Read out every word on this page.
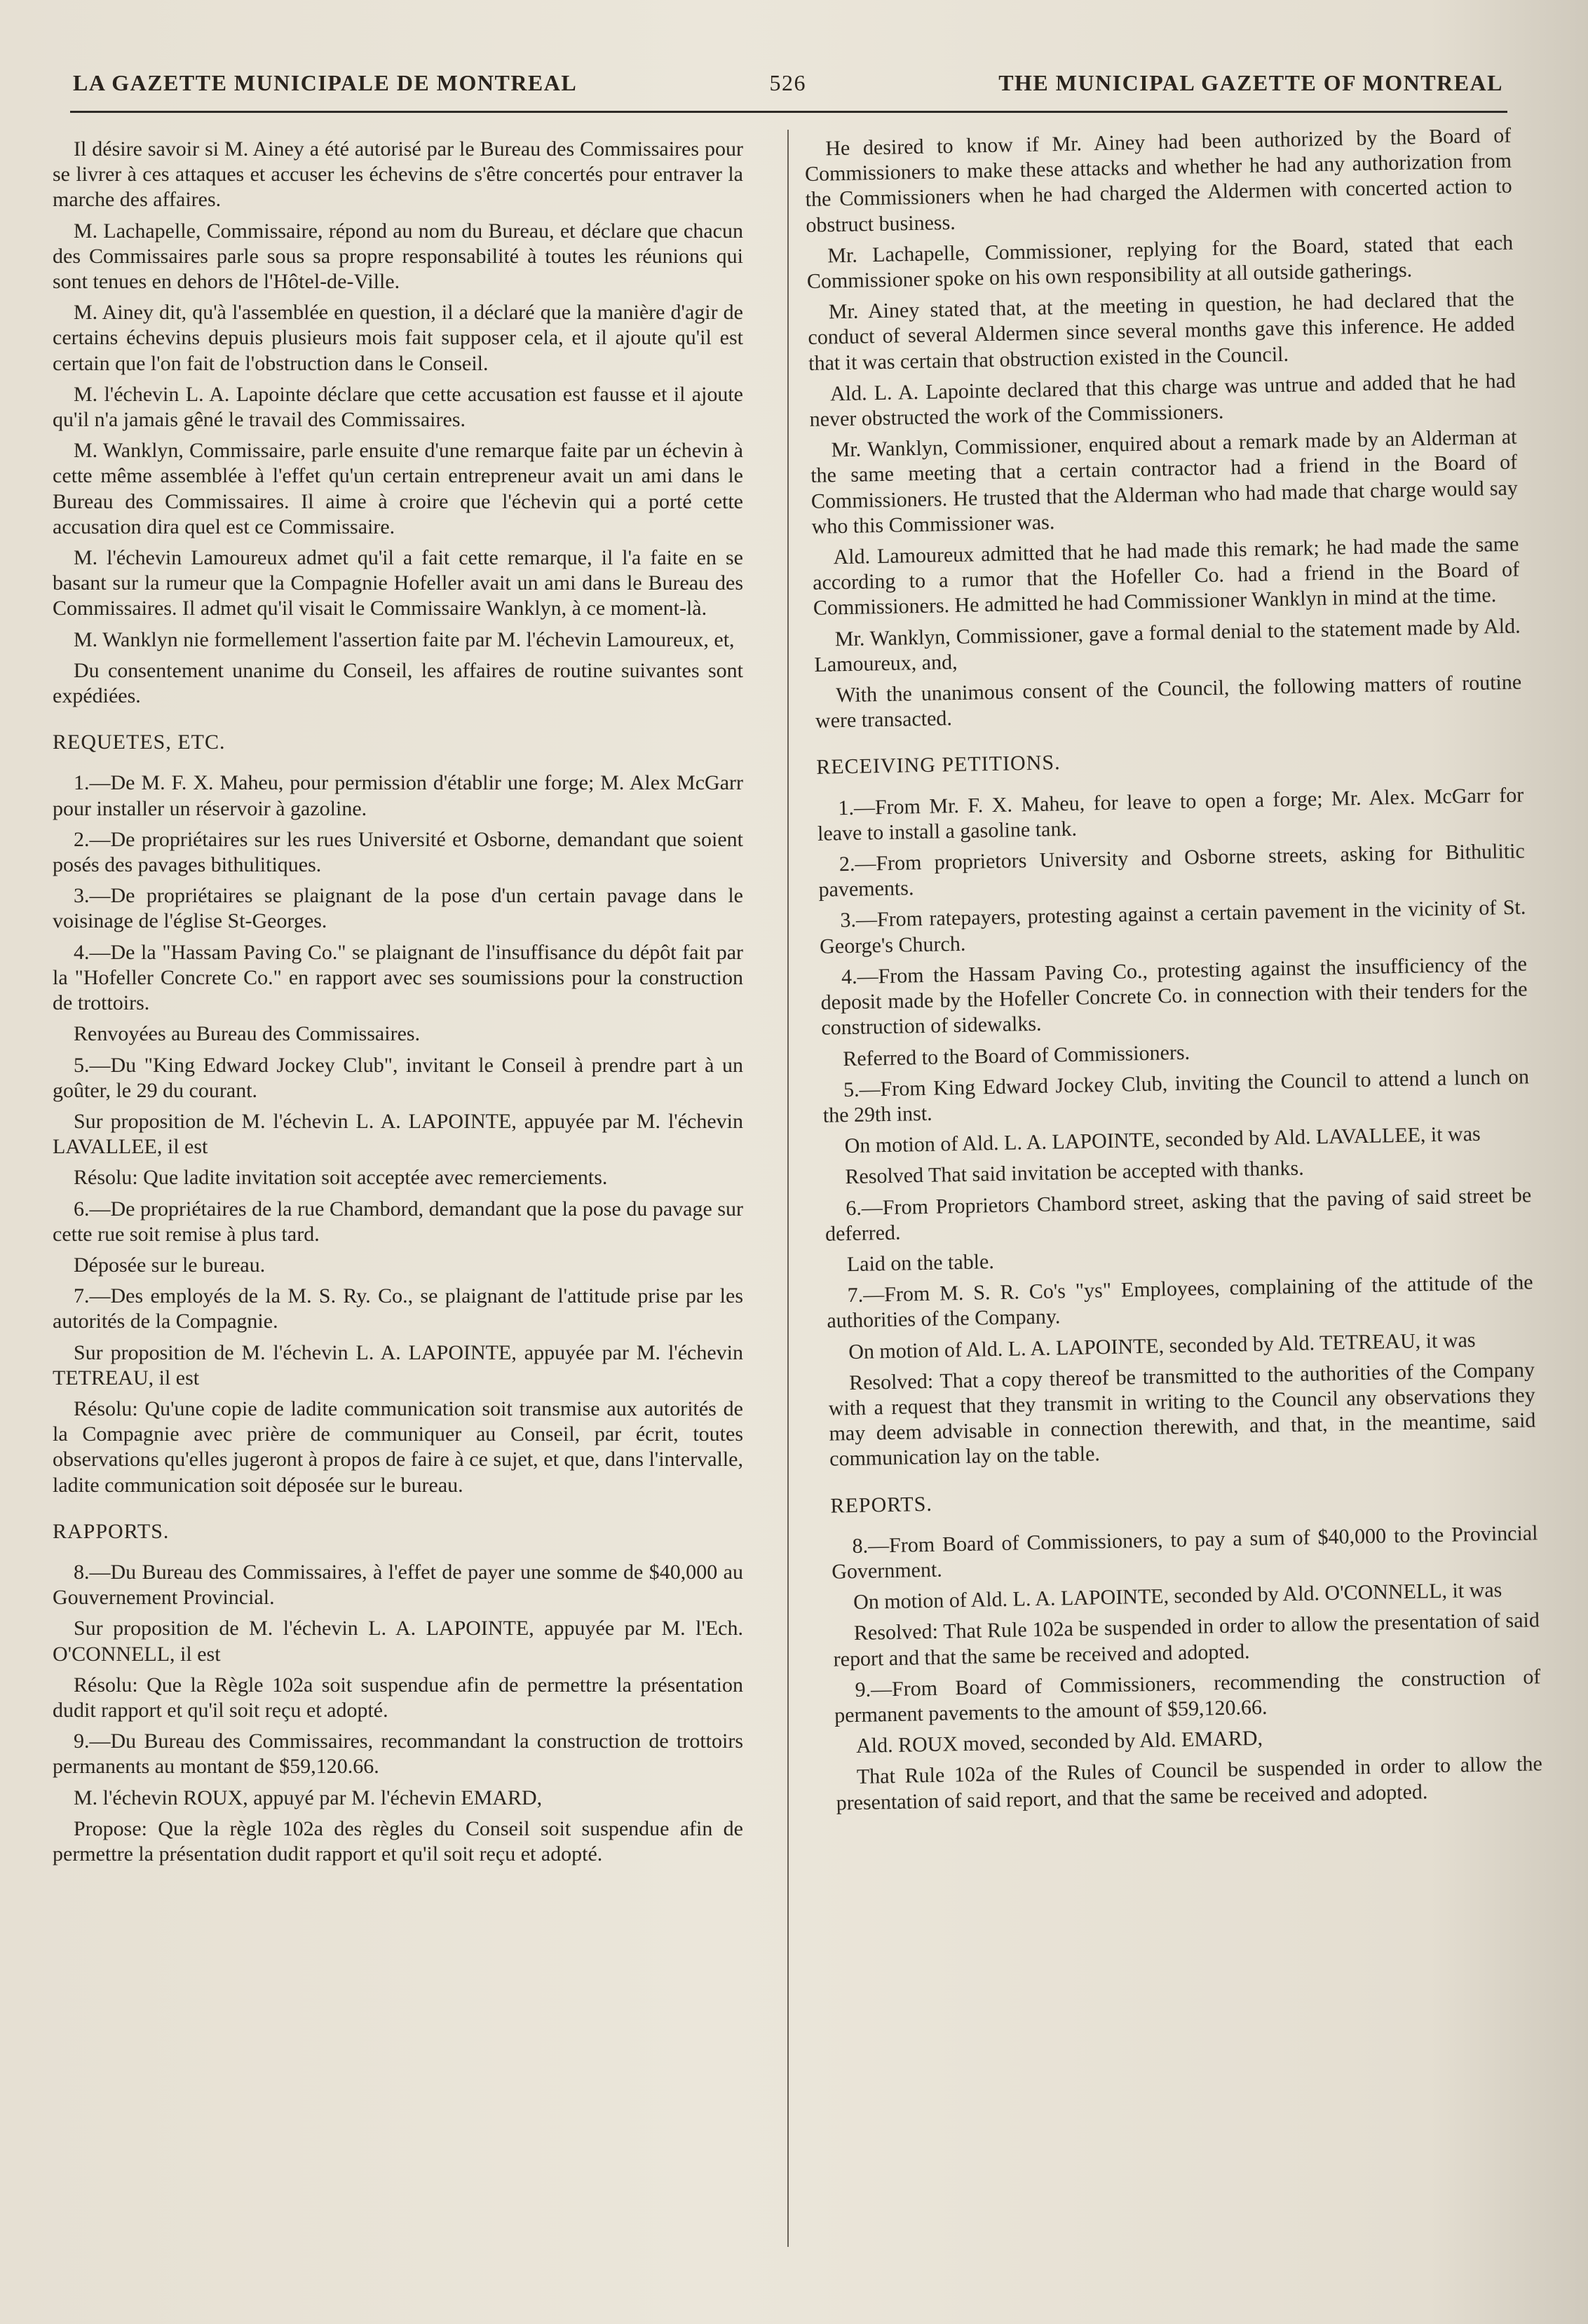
LA GAZETTE MUNICIPALE DE MONTREAL	526	THE MUNICIPAL GAZETTE OF MONTREAL

Il désire savoir si M. Ainey a été autorisé par le Bureau des Commissaires pour se livrer à ces attaques et accuser les échevins de s'être concertés pour entraver la marche des affaires.

M. Lachapelle, Commissaire, répond au nom du Bureau, et déclare que chacun des Commissaires parle sous sa propre responsabilité à toutes les réunions qui sont tenues en dehors de l'Hôtel-de-Ville.

M. Ainey dit, qu'à l'assemblée en question, il a déclaré que la manière d'agir de certains échevins depuis plusieurs mois fait supposer cela, et il ajoute qu'il est certain que l'on fait de l'obstruction dans le Conseil.

M. l'échevin L. A. Lapointe déclare que cette accusation est fausse et il ajoute qu'il n'a jamais gêné le travail des Commissaires.

M. Wanklyn, Commissaire, parle ensuite d'une remarque faite par un échevin à cette même assemblée à l'effet qu'un certain entrepreneur avait un ami dans le Bureau des Commissaires. Il aime à croire que l'échevin qui a porté cette accusation dira quel est ce Commissaire.

M. l'échevin Lamoureux admet qu'il a fait cette remarque, il l'a faite en se basant sur la rumeur que la Compagnie Hofeller avait un ami dans le Bureau des Commissaires. Il admet qu'il visait le Commissaire Wanklyn, à ce moment-là.

M. Wanklyn nie formellement l'assertion faite par M. l'échevin Lamoureux, et,

Du consentement unanime du Conseil, les affaires de routine suivantes sont expédiées.

REQUETES, ETC.

1.—De M. F. X. Maheu, pour permission d'établir une forge; M. Alex McGarr pour installer un réservoir à gazoline.

2.—De propriétaires sur les rues Université et Osborne, demandant que soient posés des pavages bithulitiques.

3.—De propriétaires se plaignant de la pose d'un certain pavage dans le voisinage de l'église St-Georges.

4.—De la "Hassam Paving Co." se plaignant de l'insuffisance du dépôt fait par la "Hofeller Concrete Co." en rapport avec ses soumissions pour la construction de trottoirs.

Renvoyées au Bureau des Commissaires.

5.—Du "King Edward Jockey Club", invitant le Conseil à prendre part à un goûter, le 29 du courant.

Sur proposition de M. l'échevin L. A. LAPOINTE, appuyée par M. l'échevin LAVALLEE, il est

Résolu: Que ladite invitation soit acceptée avec remerciements.

6.—De propriétaires de la rue Chambord, demandant que la pose du pavage sur cette rue soit remise à plus tard.

Déposée sur le bureau.

7.—Des employés de la M. S. Ry. Co., se plaignant de l'attitude prise par les autorités de la Compagnie.

Sur proposition de M. l'échevin L. A. LAPOINTE, appuyée par M. l'échevin TETREAU, il est

Résolu: Qu'une copie de ladite communication soit transmise aux autorités de la Compagnie avec prière de communiquer au Conseil, par écrit, toutes observations qu'elles jugeront à propos de faire à ce sujet, et que, dans l'intervalle, ladite communication soit déposée sur le bureau.

RAPPORTS.

8.—Du Bureau des Commissaires, à l'effet de payer une somme de $40,000 au Gouvernement Provincial.

Sur proposition de M. l'échevin L. A. LAPOINTE, appuyée par M. l'Ech. O'CONNELL, il est

Résolu: Que la Règle 102a soit suspendue afin de permettre la présentation dudit rapport et qu'il soit reçu et adopté.

9.—Du Bureau des Commissaires, recommandant la construction de trottoirs permanents au montant de $59,120.66.

M. l'échevin ROUX, appuyé par M. l'échevin EMARD,

Propose: Que la règle 102a des règles du Conseil soit suspendue afin de permettre la présentation dudit rapport et qu'il soit reçu et adopté.

He desired to know if Mr. Ainey had been authorized by the Board of Commissioners to make these attacks and whether he had any authorization from the Commissioners when he had charged the Aldermen with concerted action to obstruct business.

Mr. Lachapelle, Commissioner, replying for the Board, stated that each Commissioner spoke on his own responsibility at all outside gatherings.

Mr. Ainey stated that, at the meeting in question, he had declared that the conduct of several Aldermen since several months gave this inference. He added that it was certain that obstruction existed in the Council.

Ald. L. A. Lapointe declared that this charge was untrue and added that he had never obstructed the work of the Commissioners.

Mr. Wanklyn, Commissioner, enquired about a remark made by an Alderman at the same meeting that a certain contractor had a friend in the Board of Commissioners. He trusted that the Alderman who had made that charge would say who this Commissioner was.

Ald. Lamoureux admitted that he had made this remark; he had made the same according to a rumor that the Hofeller Co. had a friend in the Board of Commissioners. He admitted he had Commissioner Wanklyn in mind at the time.

Mr. Wanklyn, Commissioner, gave a formal denial to the statement made by Ald. Lamoureux, and,

With the unanimous consent of the Council, the following matters of routine were transacted.

RECEIVING PETITIONS.

1.—From Mr. F. X. Maheu, for leave to open a forge; Mr. Alex. McGarr for leave to install a gasoline tank.

2.—From proprietors University and Osborne streets, asking for Bithulitic pavements.

3.—From ratepayers, protesting against a certain pavement in the vicinity of St. George's Church.

4.—From the Hassam Paving Co., protesting against the insufficiency of the deposit made by the Hofeller Concrete Co. in connection with their tenders for the construction of sidewalks.

Referred to the Board of Commissioners.

5.—From King Edward Jockey Club, inviting the Council to attend a lunch on the 29th inst.

On motion of Ald. L. A. LAPOINTE, seconded by Ald. LAVALLEE, it was

Resolved That said invitation be accepted with thanks.

6.—From Proprietors Chambord street, asking that the paving of said street be deferred.

Laid on the table.

7.—From M. S. R. Co's "ys" Employees, complaining of the attitude of the authorities of the Company.

On motion of Ald. L. A. LAPOINTE, seconded by Ald. TETREAU, it was

Resolved: That a copy thereof be transmitted to the authorities of the Company with a request that they transmit in writing to the Council any observations they may deem advisable in connection therewith, and that, in the meantime, said communication lay on the table.

REPORTS.

8.—From Board of Commissioners, to pay a sum of $40,000 to the Provincial Government.

On motion of Ald. L. A. LAPOINTE, seconded by Ald. O'CONNELL, it was

Resolved: That Rule 102a be suspended in order to allow the presentation of said report and that the same be received and adopted.

9.—From Board of Commissioners, recommending the construction of permanent pavements to the amount of $59,120.66.

Ald. ROUX moved, seconded by Ald. EMARD,

That Rule 102a of the Rules of Council be suspended in order to allow the presentation of said report, and that the same be received and adopted.
